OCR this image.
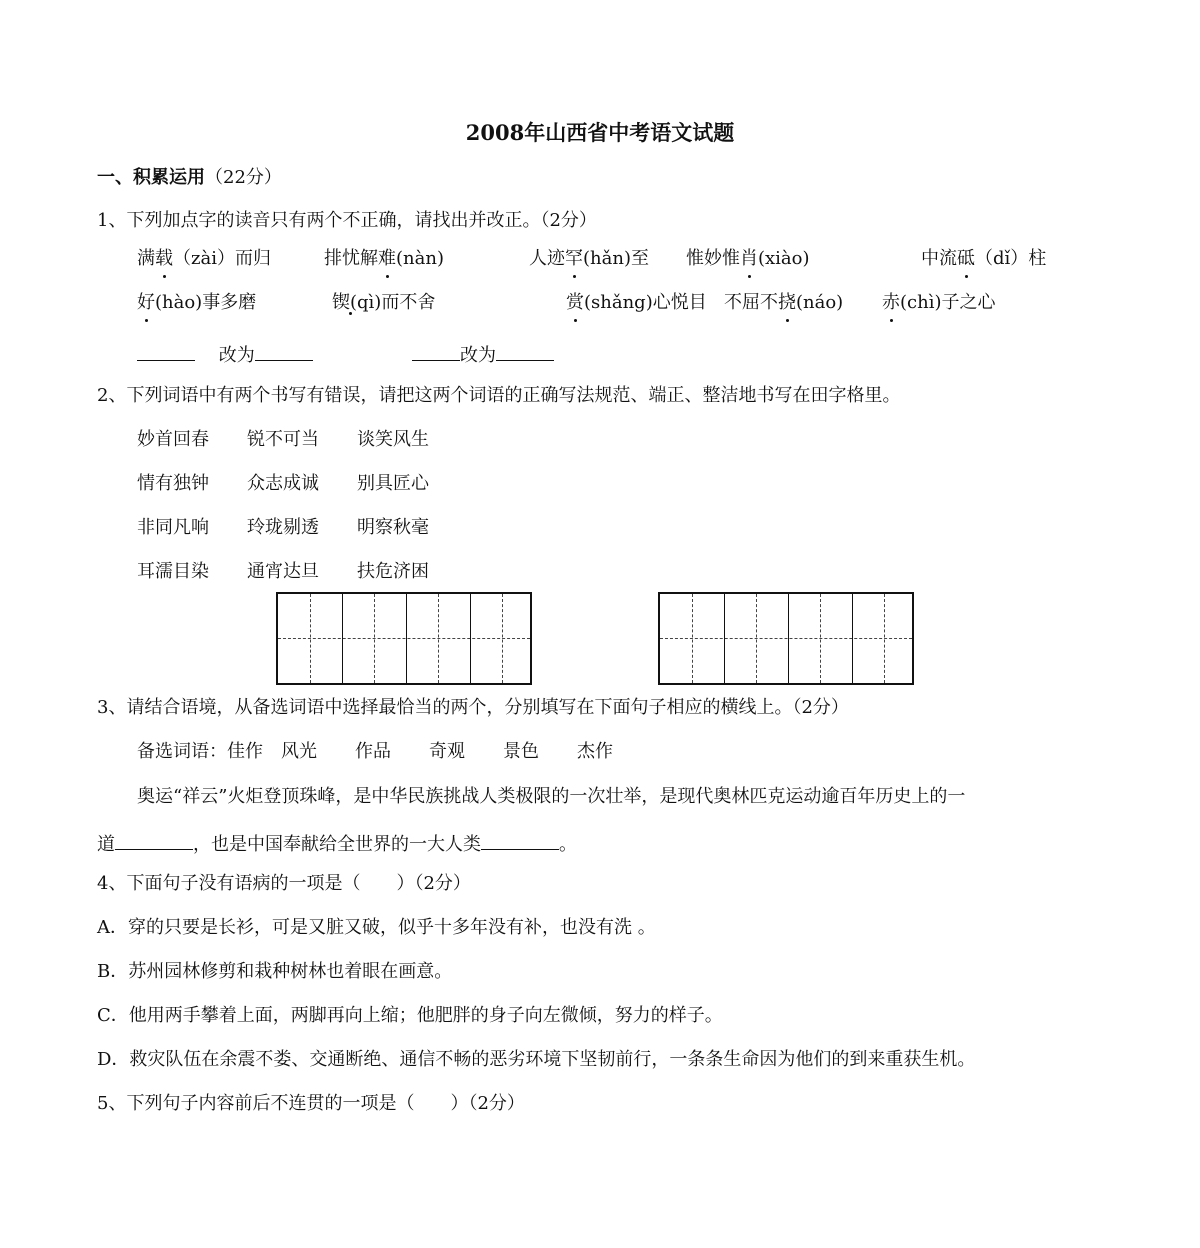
2008年山西省中考语文试题
一、积累运用（22分）
1、下列加点字的读音只有两个不正确，请找出并改正。（2分）
满载（zài）而归	排忧解难(nàn)	人迹罕(hǎn)至 惟妙惟肖(xiào)	中流砥（dǐ）柱
好(hào)事多磨	锲(qì)而不舍	赏(shǎng)心悦目 不屈不挠(náo) 赤(chì)子之心
改为	改为
2、下列词语中有两个书写有错误，请把这两个词语的正确写法规范、端正、整洁地书写在田字格里。
妙首回春 锐不可当 谈笑风生
情有独钟 众志成诚 别具匠心
非同凡响 玲珑剔透 明察秋毫
耳濡目染 通宵达旦 扶危济困
3、请结合语境，从备选词语中选择最恰当的两个，分别填写在下面句子相应的横线上。（2分）
备选词语：佳作 风光 作品 奇观 景色 杰作
奥运“祥云”火炬登顶珠峰，是中华民族挑战人类极限的一次壮举，是现代奥林匹克运动逾百年历史上的一
道	，也是中国奉献给全世界的一大人类	。
4、下面句子没有语病的一项是（　　）（2分）
A．穿的只要是长衫，可是又脏又破，似乎十多年没有补，也没有洗 。
B．苏州园林修剪和栽种树林也着眼在画意。
C．他用两手攀着上面，两脚再向上缩；他肥胖的身子向左微倾，努力的样子。
D．救灾队伍在余震不娄、交通断绝、通信不畅的恶劣环境下坚韧前行，一条条生命因为他们的到来重获生机。
5、下列句子内容前后不连贯的一项是（　　）（2分）
